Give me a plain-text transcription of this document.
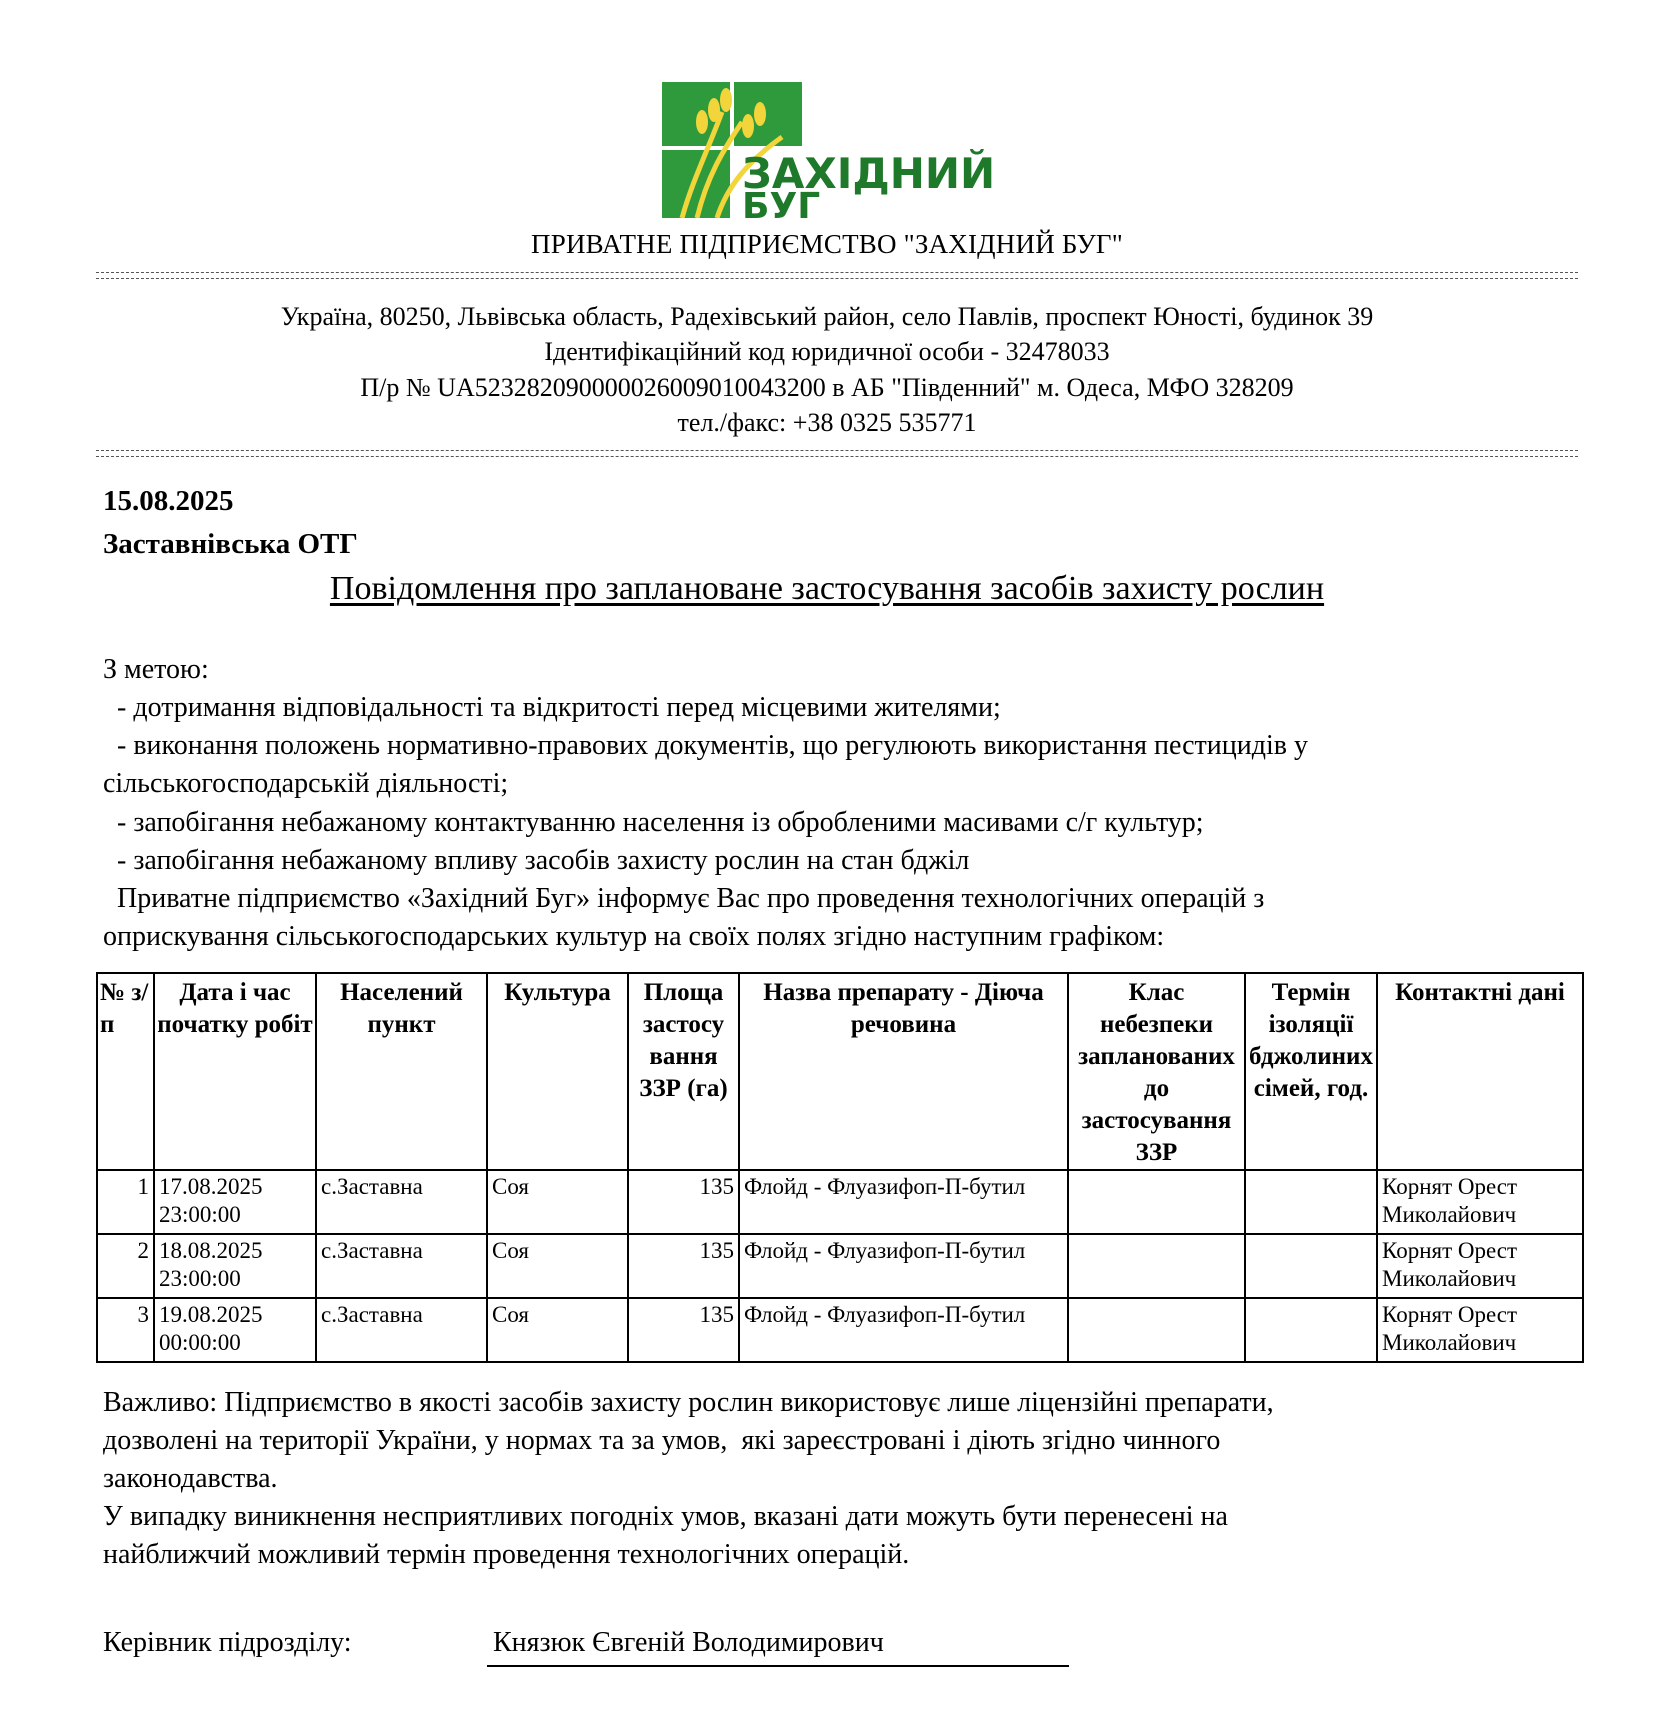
ЗАХІДНИЙ
БУГ
ПРИВАТНЕ ПІДПРИЄМСТВО "ЗАХІДНИЙ БУГ"
Україна, 80250, Львівська область, Радехівський район, село Павлів, проспект Юності, будинок 39
Ідентифікаційний код юридичної особи - 32478033
П/р № UA523282090000026009010043200 в АБ "Південний" м. Одеса, МФО 328209
тел./факс: +38 0325 535771
15.08.2025
Заставнівська ОТГ
Повідомлення про заплановане застосування засобів захисту рослин
З метою:
- дотримання відповідальності та відкритості перед місцевими жителями;
- виконання положень нормативно-правових документів, що регулюють використання пестицидів у
сільськогосподарській діяльності;
- запобігання небажаному контактуванню населення із обробленими масивами с/г культур;
- запобігання небажаному впливу засобів захисту рослин на стан бджіл
Приватне підприємство «Західний Буг» інформує Вас про проведення технологічних операцій з
оприскування сільськогосподарських культур на своїх полях згідно наступним графіком:
№ з/п	Дата і час початку робіт	Населений пункт	Культура	Площа застосу вання ЗЗР (га)	Назва препарату - Діюча речовина	Клас небезпеки запланованих до застосування ЗЗР	Термін ізоляції бджолиних сімей, год.	Контактні дані
1	17.08.2025 23:00:00	с.Заставна	Соя	135	Флойд - Флуазифоп-П-бутил			Корнят Орест Миколайович
2	18.08.2025 23:00:00	с.Заставна	Соя	135	Флойд - Флуазифоп-П-бутил			Корнят Орест Миколайович
3	19.08.2025 00:00:00	с.Заставна	Соя	135	Флойд - Флуазифоп-П-бутил			Корнят Орест Миколайович
Важливо: Підприємство в якості засобів захисту рослин використовує лише ліцензійні препарати,
дозволені на території України, у нормах та за умов,  які зареєстровані і діють згідно чинного
законодавства.
У випадку виникнення несприятливих погодніх умов, вказані дати можуть бути перенесені на
найближчий можливий термін проведення технологічних операцій.
Керівник підрозділу:	Князюк Євгеній Володимирович
